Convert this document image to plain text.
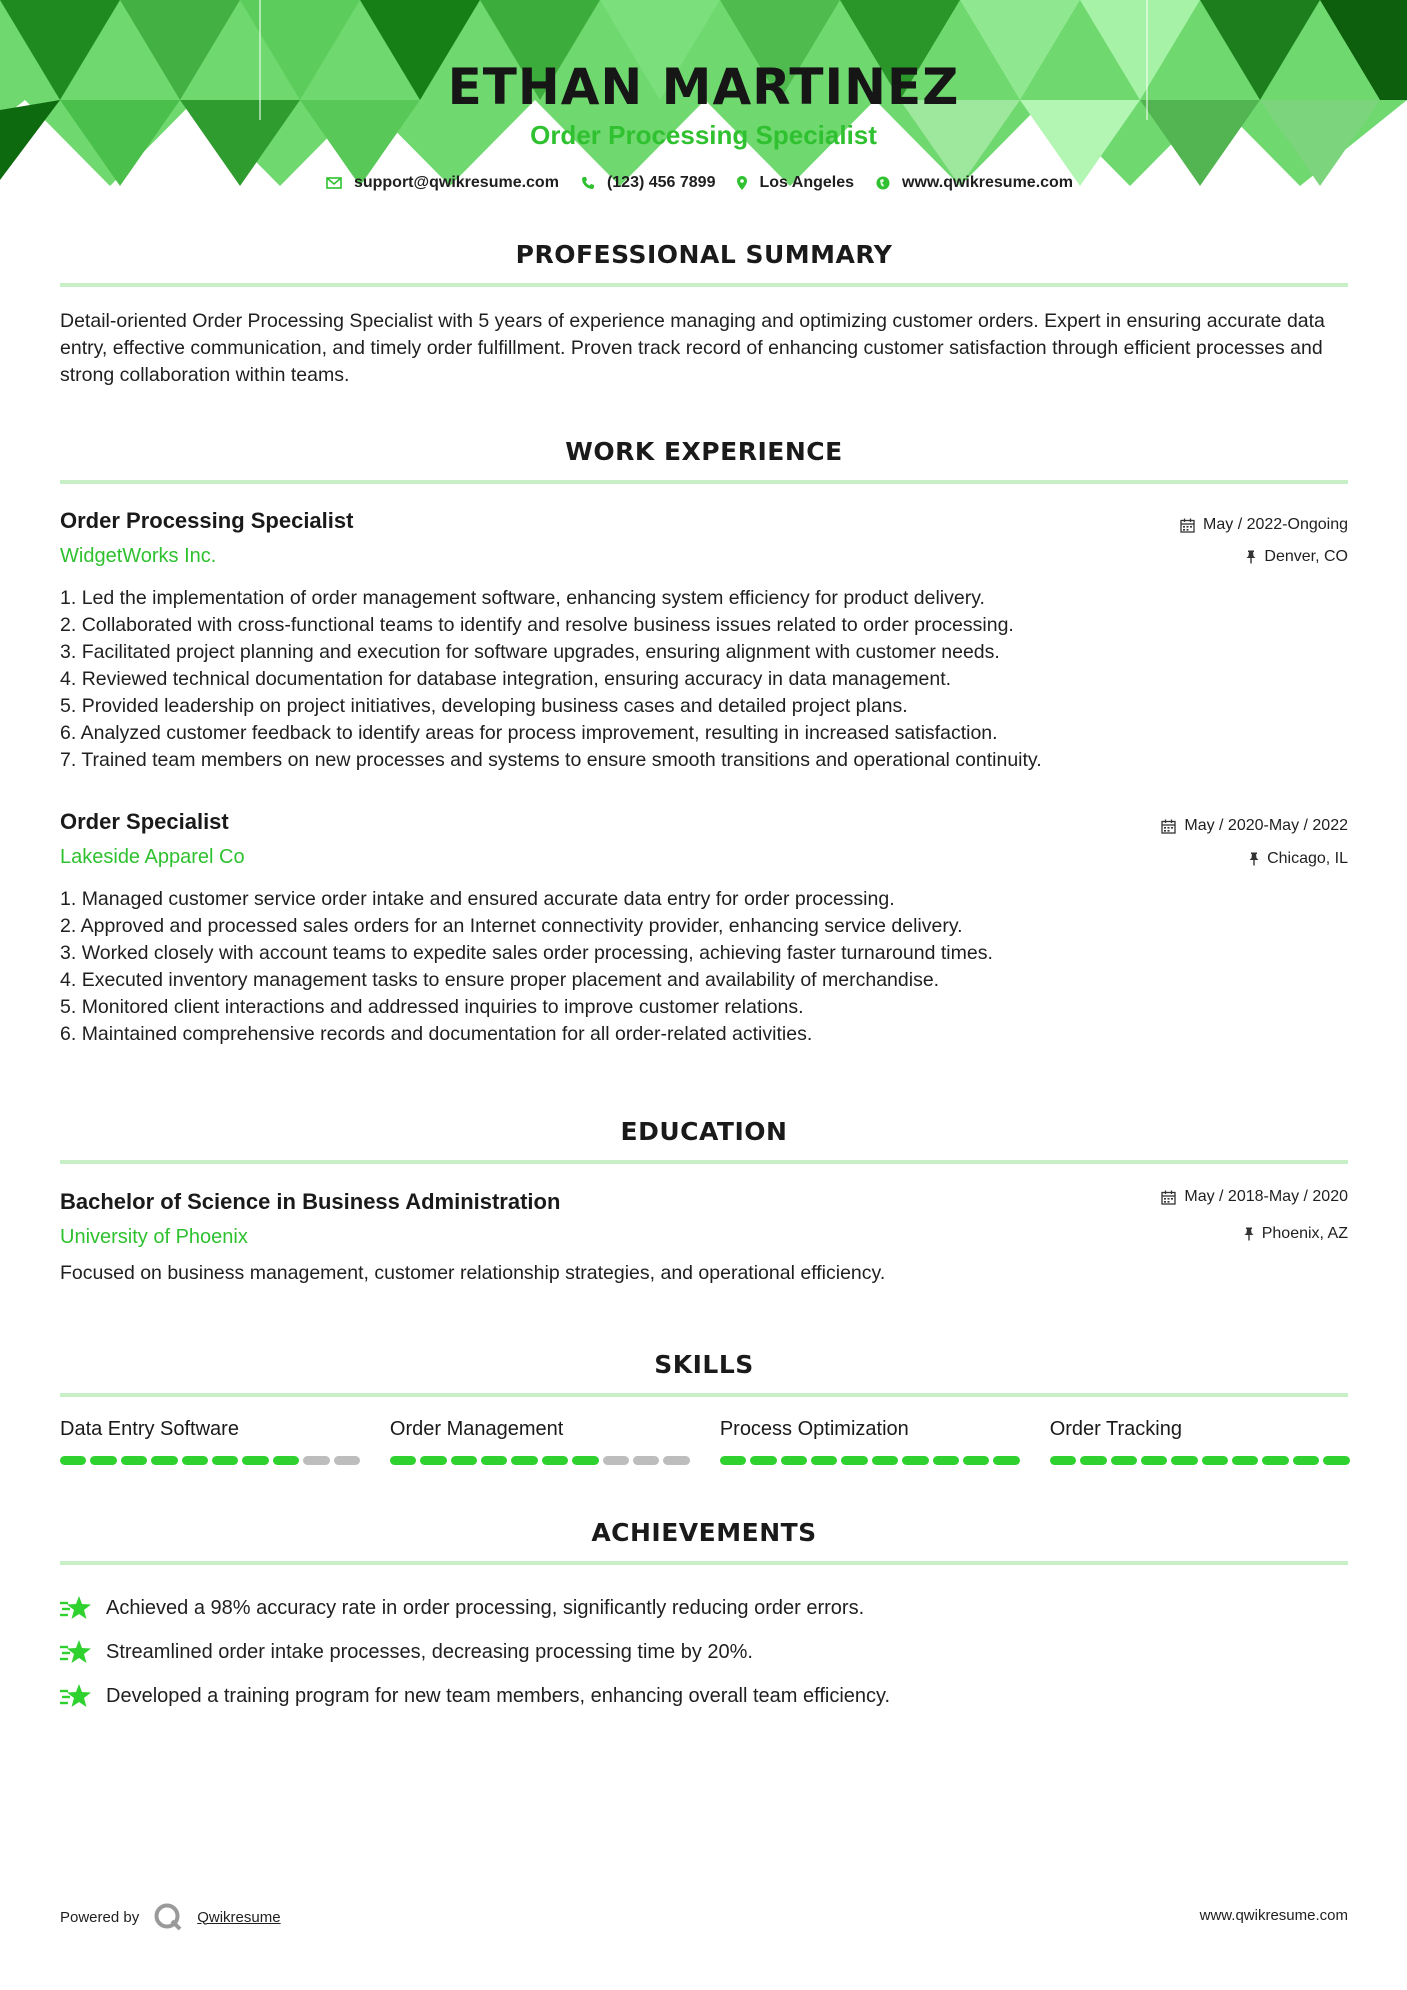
ETHAN MARTINEZ
Order Processing Specialist
support@qwikresume.com	(123) 456 7899	Los Angeles	www.qwikresume.com
PROFESSIONAL SUMMARY

Detail-oriented Order Processing Specialist with 5 years of experience managing and optimizing customer orders. Expert in ensuring accurate data entry, effective communication, and timely order fulfillment. Proven track record of enhancing customer satisfaction through efficient processes and strong collaboration within teams.

WORK EXPERIENCE
Order Processing Specialist
WidgetWorks Inc.
May / 2022-Ongoing
Denver, CO
1. Led the implementation of order management software, enhancing system efficiency for product delivery.
2. Collaborated with cross-functional teams to identify and resolve business issues related to order processing.
3. Facilitated project planning and execution for software upgrades, ensuring alignment with customer needs.
4. Reviewed technical documentation for database integration, ensuring accuracy in data management.
5. Provided leadership on project initiatives, developing business cases and detailed project plans.
6. Analyzed customer feedback to identify areas for process improvement, resulting in increased satisfaction.
7. Trained team members on new processes and systems to ensure smooth transitions and operational continuity.
Order Specialist
Lakeside Apparel Co
May / 2020-May / 2022
Chicago, IL
1. Managed customer service order intake and ensured accurate data entry for order processing.
2. Approved and processed sales orders for an Internet connectivity provider, enhancing service delivery.
3. Worked closely with account teams to expedite sales order processing, achieving faster turnaround times.
4. Executed inventory management tasks to ensure proper placement and availability of merchandise.
5. Monitored client interactions and addressed inquiries to improve customer relations.
6. Maintained comprehensive records and documentation for all order-related activities.
EDUCATION
Bachelor of Science in Business Administration
University of Phoenix
May / 2018-May / 2020
Phoenix, AZ

Focused on business management, customer relationship strategies, and operational efficiency.

SKILLS
Data Entry Software	Order Management	Process Optimization	Order Tracking
ACHIEVEMENTS
Achieved a 98% accuracy rate in order processing, significantly reducing order errors.
Streamlined order intake processes, decreasing processing time by 20%.
Developed a training program for new team members, enhancing overall team efficiency.
Powered by	Qwikresume	www.qwikresume.com
